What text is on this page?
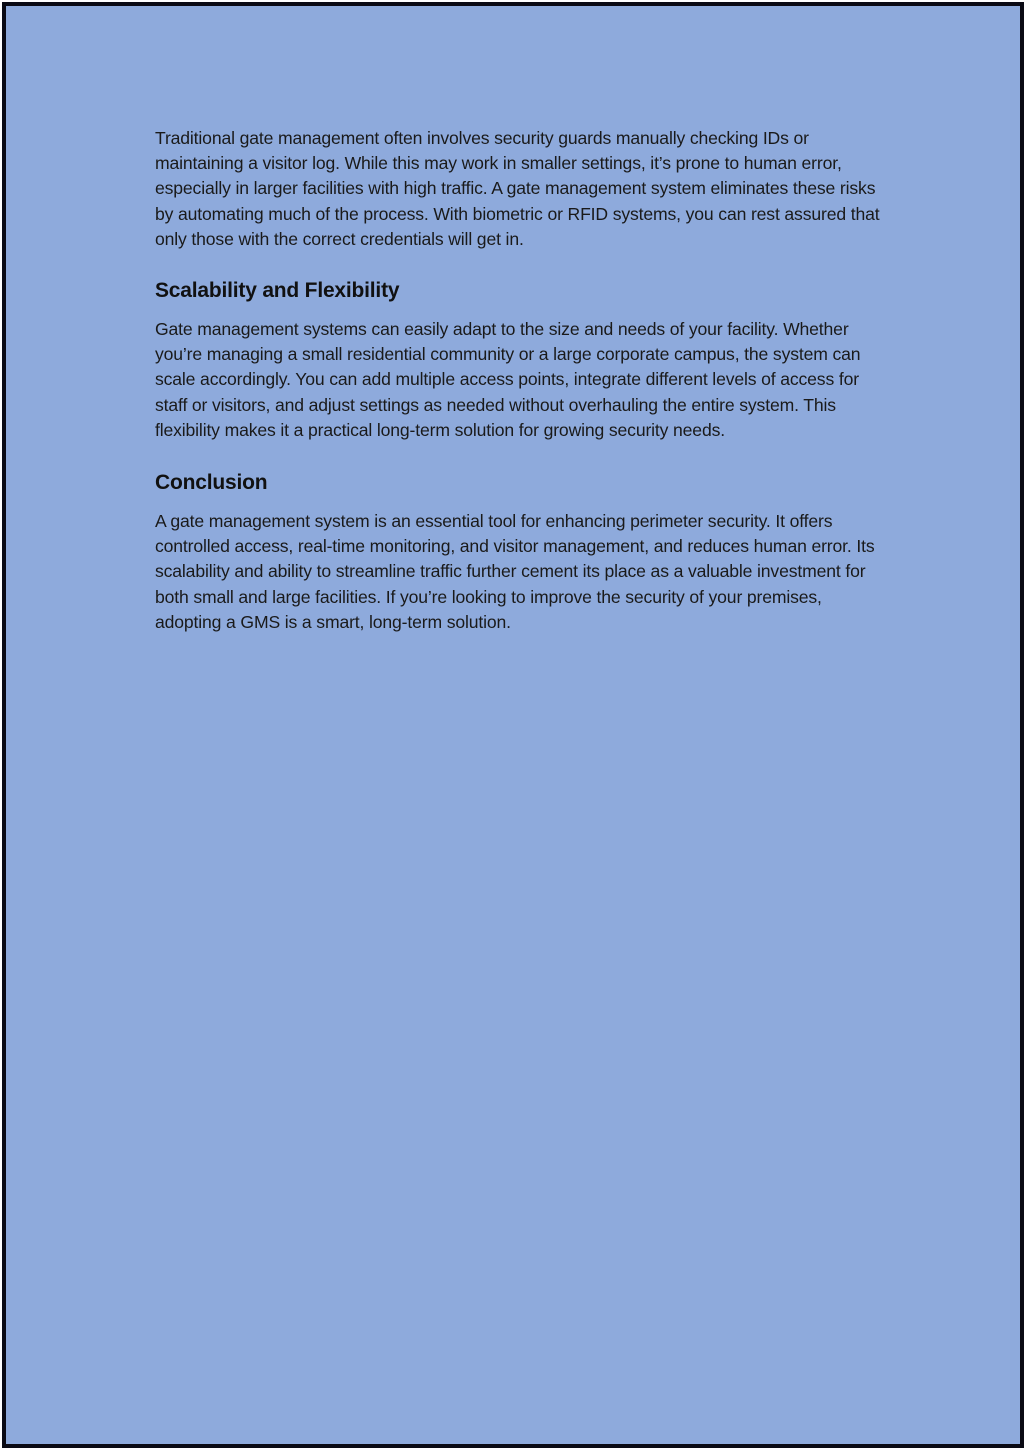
Traditional gate management often involves security guards manually checking IDs or maintaining a visitor log. While this may work in smaller settings, it’s prone to human error, especially in larger facilities with high traffic. A gate management system eliminates these risks by automating much of the process. With biometric or RFID systems, you can rest assured that only those with the correct credentials will get in.

Scalability and Flexibility

Gate management systems can easily adapt to the size and needs of your facility. Whether you’re managing a small residential community or a large corporate campus, the system can scale accordingly. You can add multiple access points, integrate different levels of access for staff or visitors, and adjust settings as needed without overhauling the entire system. This flexibility makes it a practical long-term solution for growing security needs.

Conclusion

A gate management system is an essential tool for enhancing perimeter security. It offers controlled access, real-time monitoring, and visitor management, and reduces human error. Its scalability and ability to streamline traffic further cement its place as a valuable investment for both small and large facilities. If you’re looking to improve the security of your premises, adopting a GMS is a smart, long-term solution.
